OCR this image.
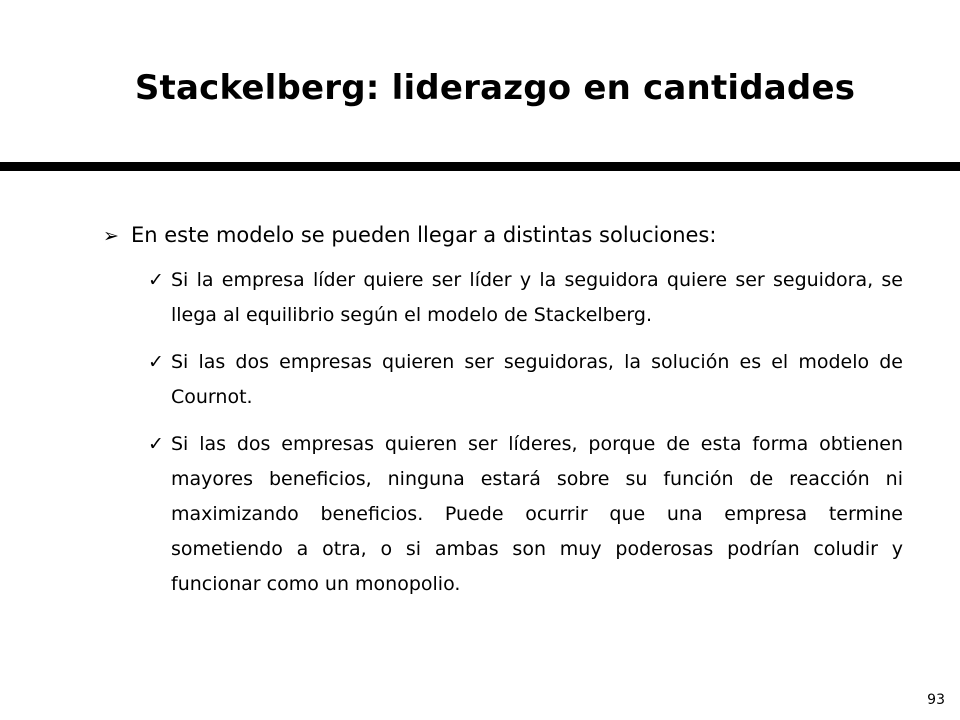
Stackelberg: liderazgo en cantidades
➢ En este modelo se pueden llegar a distintas soluciones:
✓ Si la empresa líder quiere ser líder y la seguidora quiere ser seguidora, se llega al equilibrio según el modelo de Stackelberg.
✓ Si las dos empresas quieren ser seguidoras, la solución es el modelo de Cournot.
✓ Si las dos empresas quieren ser líderes, porque de esta forma obtienen mayores beneficios, ninguna estará sobre su función de reacción ni maximizando beneficios. Puede ocurrir que una empresa termine sometiendo a otra, o si ambas son muy poderosas podrían coludir y funcionar como un monopolio.
93
